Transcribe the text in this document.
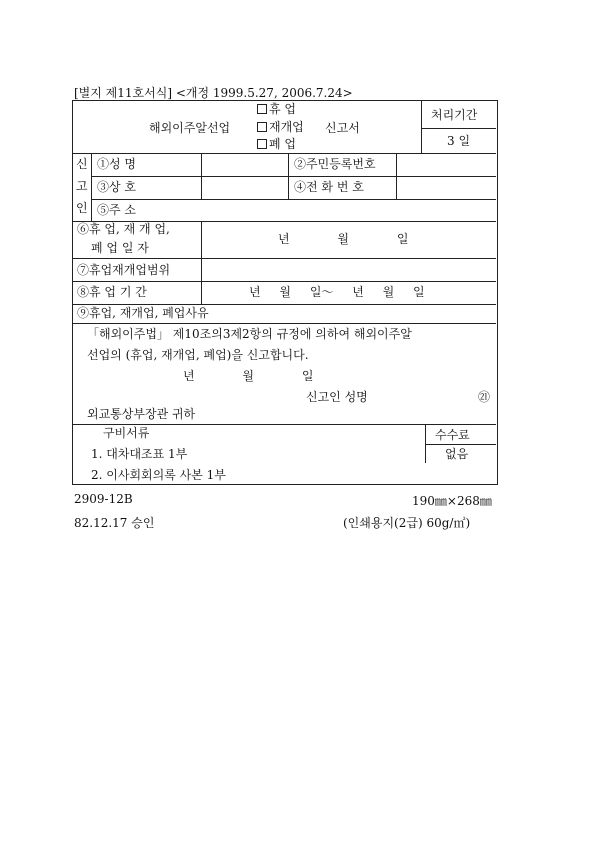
[별지 제11호서식] <개정 1999.5.27, 2006.7.24>
해외이주알선업
휴 업
재개업
폐 업
신고서
처리기간
3 일
신
고
인
①성 명	②주민등록번호
③상 호	④전 화 번 호
⑤주 소
⑥휴 업, 재 개 업,
폐 업 일 자
년 월 일
⑦휴업재개업범위
⑧휴 업 기 간	년 월 일～ 년 월 일
⑨휴업, 재개업, 폐업사유
「해외이주법」 제10조의3제2항의 규정에 의하여 해외이주알
선업의 (휴업, 재개업, 폐업)을 신고합니다.
년 월 일
신고인 성명	㉑
외교통상부장관 귀하
구비서류
1. 대차대조표 1부
2. 이사회회의록 사본 1부
수수료
없음
2909-12B	190㎜×268㎜
82.12.17 승인	(인쇄용지(2급) 60g/㎡)
